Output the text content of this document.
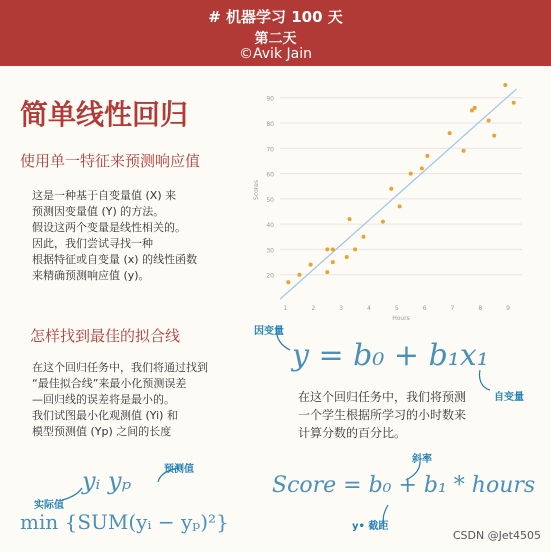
# 机器学习 100 天
第二天
©Avik Jain
简单线性回归
使用单一特征来预测响应值
这是一种基于自变量值 (X) 来
预测因变量值 (Y) 的方法。
假设这两个变量是线性相关的。
因此，我们尝试寻找一种
根据特征或自变量 (x) 的线性函数
来精确预测响应值 (y)。
怎样找到最佳的拟合线
在这个回归任务中，我们将通过找到
“最佳拟合线”来最小化预测误差
—回归线的误差将是最小的。
我们试图最小化观测值 (Yi) 和
模型预测值 (Yp) 之间的长度
在这个回归任务中，我们将预测
一个学生根据所学习的小时数来
计算分数的百分比。
20
30
40
50
60
70
80
90
1	2	3	4	5	6	7	8	9
Hours
Scores
因变量
自变量
斜率
y• 截距
预测值
实际值
y = b₀ + b₁x₁
Score = b₀ + b₁ * hours
yᵢ yₚ
min {SUM(yᵢ − yₚ)²}
CSDN @Jet4505
